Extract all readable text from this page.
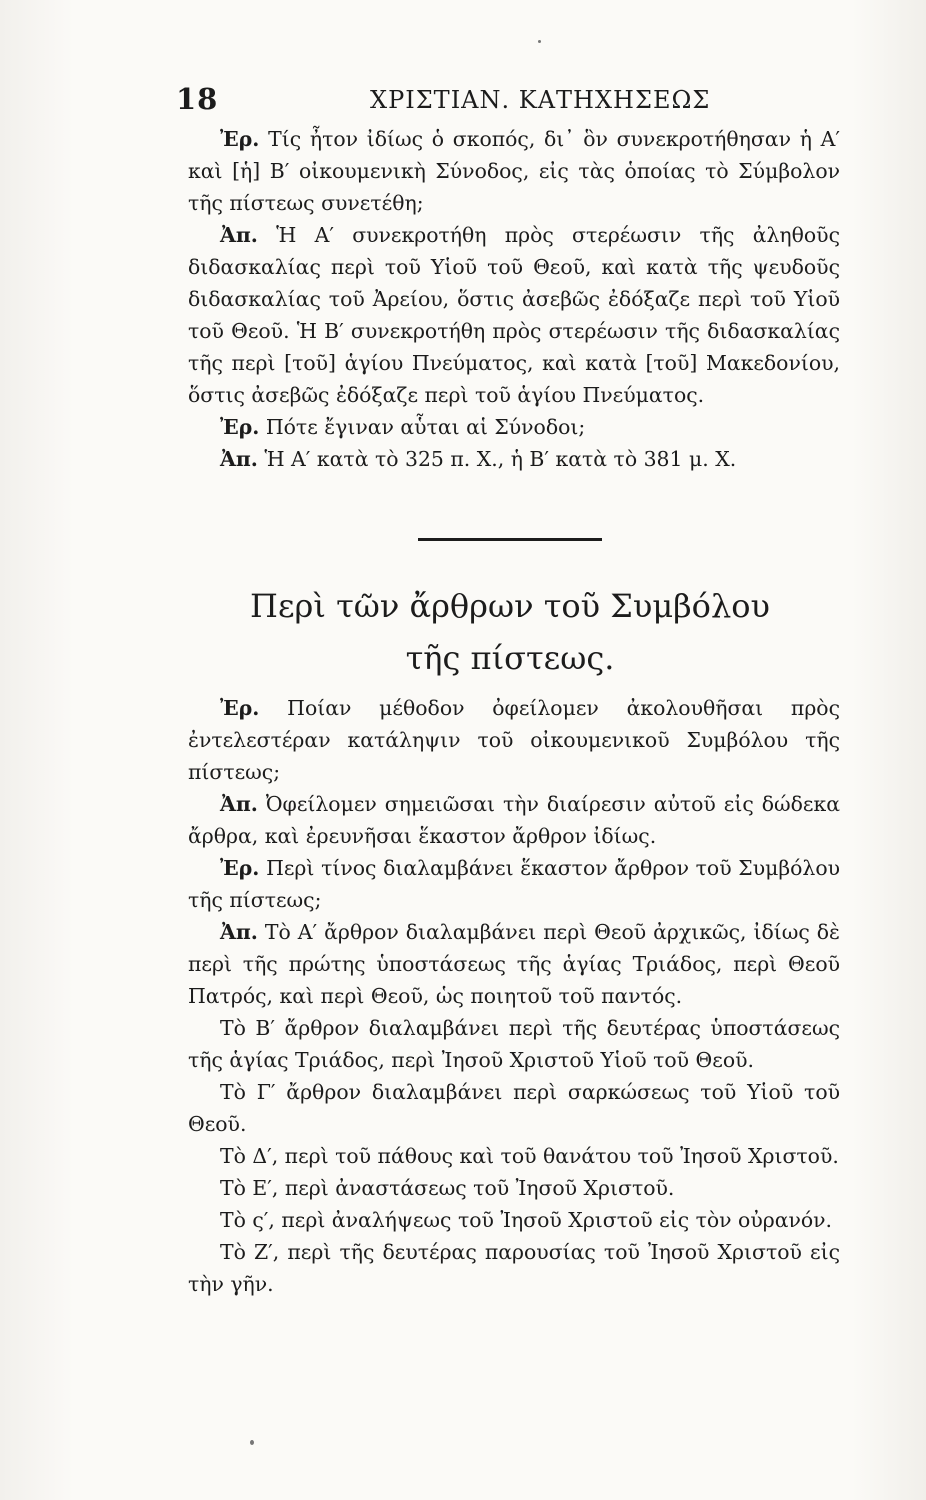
18	ΧΡΙΣΤΙΑΝ. ΚΑΤΗΧΗΣΕΩΣ

Ἐρ. Τίς ἦτον ἰδίως ὁ σκοπός, δι᾽ ὃν συνεκροτήθησαν ἡ Α′ καὶ [ἡ] Β′ οἰκουμενικὴ Σύνοδος, εἰς τὰς ὁποίας τὸ Σύμβολον τῆς πίστεως συνετέθη;

Ἀπ. Ἡ Α′ συνεκροτήθη πρὸς στερέωσιν τῆς ἀληθοῦς διδασκαλίας περὶ τοῦ Υἱοῦ τοῦ Θεοῦ, καὶ κατὰ τῆς ψευδοῦς διδασκαλίας τοῦ Ἀρείου, ὅστις ἀσεβῶς ἐδόξαζε περὶ τοῦ Υἱοῦ τοῦ Θεοῦ. Ἡ Β′ συνεκροτήθη πρὸς στερέωσιν τῆς διδασκαλίας τῆς περὶ [τοῦ] ἁγίου Πνεύματος, καὶ κατὰ [τοῦ] Μακεδονίου, ὅστις ἀσεβῶς ἐδόξαζε περὶ τοῦ ἁγίου Πνεύματος.

Ἐρ. Πότε ἔγιναν αὗται αἱ Σύνοδοι;

Ἀπ. Ἡ Α′ κατὰ τὸ 325 π. Χ., ἡ Β′ κατὰ τὸ 381 μ. Χ.

Περὶ τῶν ἄρθρων τοῦ Συμβόλου
τῆς πίστεως.

Ἐρ. Ποίαν μέθοδον ὀφείλομεν ἀκολουθῆσαι πρὸς ἐντελεστέραν κατάληψιν τοῦ οἰκουμενικοῦ Συμβόλου τῆς πίστεως;

Ἀπ. Ὀφείλομεν σημειῶσαι τὴν διαίρεσιν αὐτοῦ εἰς δώδεκα ἄρθρα, καὶ ἐρευνῆσαι ἕκαστον ἄρθρον ἰδίως.

Ἐρ. Περὶ τίνος διαλαμβάνει ἕκαστον ἄρθρον τοῦ Συμβόλου τῆς πίστεως;

Ἀπ. Τὸ Α′ ἄρθρον διαλαμβάνει περὶ Θεοῦ ἀρχικῶς, ἰδίως δὲ περὶ τῆς πρώτης ὑποστάσεως τῆς ἁγίας Τριάδος, περὶ Θεοῦ Πατρός, καὶ περὶ Θεοῦ, ὡς ποιητοῦ τοῦ παντός.

Τὸ Β′ ἄρθρον διαλαμβάνει περὶ τῆς δευτέρας ὑποστάσεως τῆς ἁγίας Τριάδος, περὶ Ἰησοῦ Χριστοῦ Υἱοῦ τοῦ Θεοῦ.

Τὸ Γ′ ἄρθρον διαλαμβάνει περὶ σαρκώσεως τοῦ Υἱοῦ τοῦ Θεοῦ.

Τὸ Δ′, περὶ τοῦ πάθους καὶ τοῦ θανάτου τοῦ Ἰησοῦ Χριστοῦ.

Τὸ Ε′, περὶ ἀναστάσεως τοῦ Ἰησοῦ Χριστοῦ.

Τὸ ς′, περὶ ἀναλήψεως τοῦ Ἰησοῦ Χριστοῦ εἰς τὸν οὐρανόν.

Τὸ Ζ′, περὶ τῆς δευτέρας παρουσίας τοῦ Ἰησοῦ Χριστοῦ εἰς τὴν γῆν.
